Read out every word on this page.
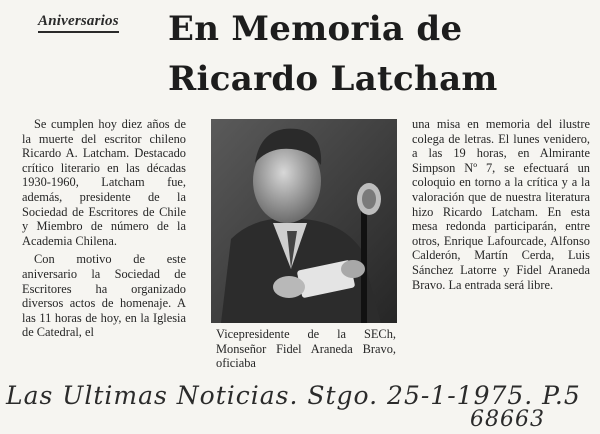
Aniversarios En Memoria de
Ricardo Latcham

Se cumplen hoy diez años de la muerte del escritor chileno Ricardo A. Latcham. Destacado crítico literario en las décadas 1930-1960, Latcham fue, además, presidente de la Sociedad de Escritores de Chile y Miembro de número de la Academia Chilena.

Con motivo de este aniversario la Sociedad de Escritores ha organizado diversos actos de homenaje. A las 11 horas de hoy, en la Iglesia de Catedral, el	Vicepresidente de la SECh, Monseñor Fidel Araneda Bravo, oficiaba

una misa en memoria del ilustre colega de letras. El lunes venidero, a las 19 horas, en Almirante Simpson Nº 7, se efectuará un coloquio en torno a la crítica y a la valoración que de nuestra literatura hizo Ricardo Latcham. En esta mesa redonda participarán, entre otros, Enrique Lafourcade, Alfonso Calderón, Martín Cerda, Luis Sánchez Latorre y Fidel Araneda Bravo. La entrada será libre.

Las Ultimas Noticias. Stgo. 25-1-1975. P.5
68663
